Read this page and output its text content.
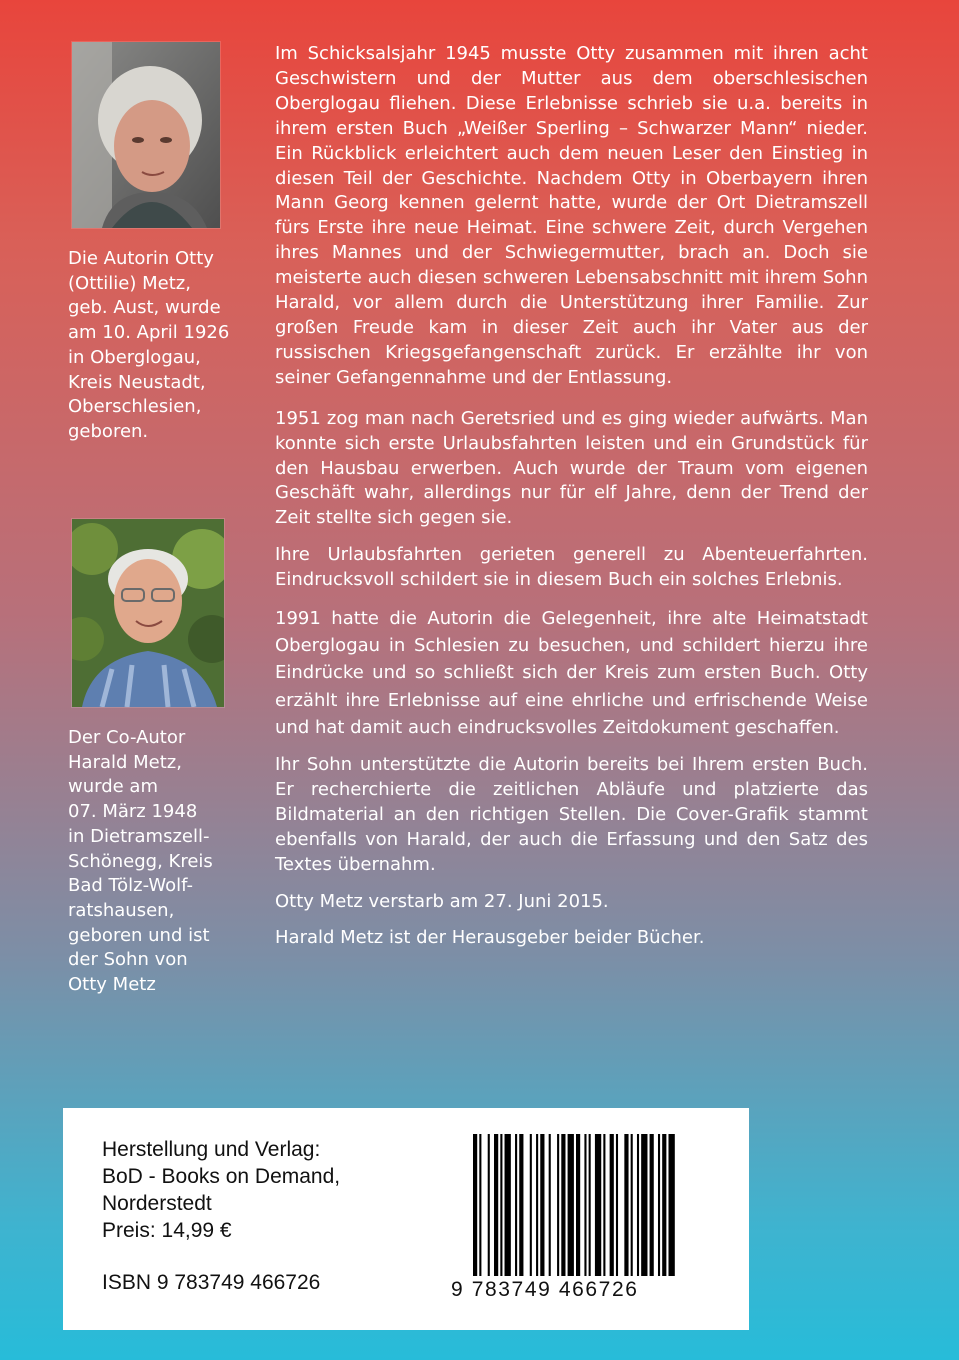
Die Autorin Otty

(Ottilie) Metz,

geb. Aust, wurde

am 10. April 1926

in Oberglogau,

Kreis Neustadt,

Oberschlesien,

geboren.

Der Co-Autor

Harald Metz,

wurde am

07. März 1948

in Dietramszell-

Schönegg, Kreis

Bad Tölz-Wolf-

ratshausen,

geboren und ist

der Sohn von

Otty Metz

Im Schicksalsjahr 1945 musste Otty zusammen mit ihren acht Geschwistern und der Mutter aus dem oberschlesischen Oberglogau fliehen. Diese Erlebnisse schrieb sie u.a. bereits in ihrem ersten Buch „Weißer Sperling – Schwarzer Mann“ nieder. Ein Rückblick erleichtert auch dem neuen Leser den Einstieg in diesen Teil der Geschichte. Nachdem Otty in Oberbayern ihren Mann Georg kennen gelernt hatte, wurde der Ort Dietramszell fürs Erste ihre neue Heimat. Eine schwere Zeit, durch Vergehen ihres Mannes und der Schwiegermutter, brach an. Doch sie meisterte auch diesen schweren Lebensabschnitt mit ihrem Sohn Harald, vor allem durch die Unterstützung ihrer Familie. Zur großen Freude kam in dieser Zeit auch ihr Vater aus der russischen Kriegsgefangenschaft zurück. Er erzählte ihr von seiner Gefangennahme und der Entlassung.

1951 zog man nach Geretsried und es ging wieder aufwärts. Man konnte sich erste Urlaubsfahrten leisten und ein Grundstück für den Hausbau erwerben. Auch wurde der Traum vom eigenen Geschäft wahr, allerdings nur für elf Jahre, denn der Trend der Zeit stellte sich gegen sie.

Ihre Urlaubsfahrten gerieten generell zu Abenteuerfahrten. Eindrucksvoll schildert sie in diesem Buch ein solches Erlebnis.

1991 hatte die Autorin die Gelegenheit, ihre alte Heimatstadt Oberglogau in Schlesien zu besuchen, und schildert hierzu ihre Eindrücke und so schließt sich der Kreis zum ersten Buch. Otty erzählt ihre Erlebnisse auf eine ehrliche und erfrischende Weise und hat damit auch eindrucksvolles Zeitdokument geschaffen.

Ihr Sohn unterstützte die Autorin bereits bei Ihrem ersten Buch. Er recherchierte die zeitlichen Abläufe und platzierte das Bildmaterial an den richtigen Stellen. Die Cover-Grafik stammt ebenfalls von Harald, der auch die Erfassung und den Satz des Textes übernahm.

Otty Metz verstarb am 27. Juni 2015.

Harald Metz ist der Herausgeber beider Bücher.

Herstellung und Verlag:
BoD - Books on Demand,
Norderstedt
Preis: 14,99 €
ISBN 9 783749 466726	9 783749 466726
